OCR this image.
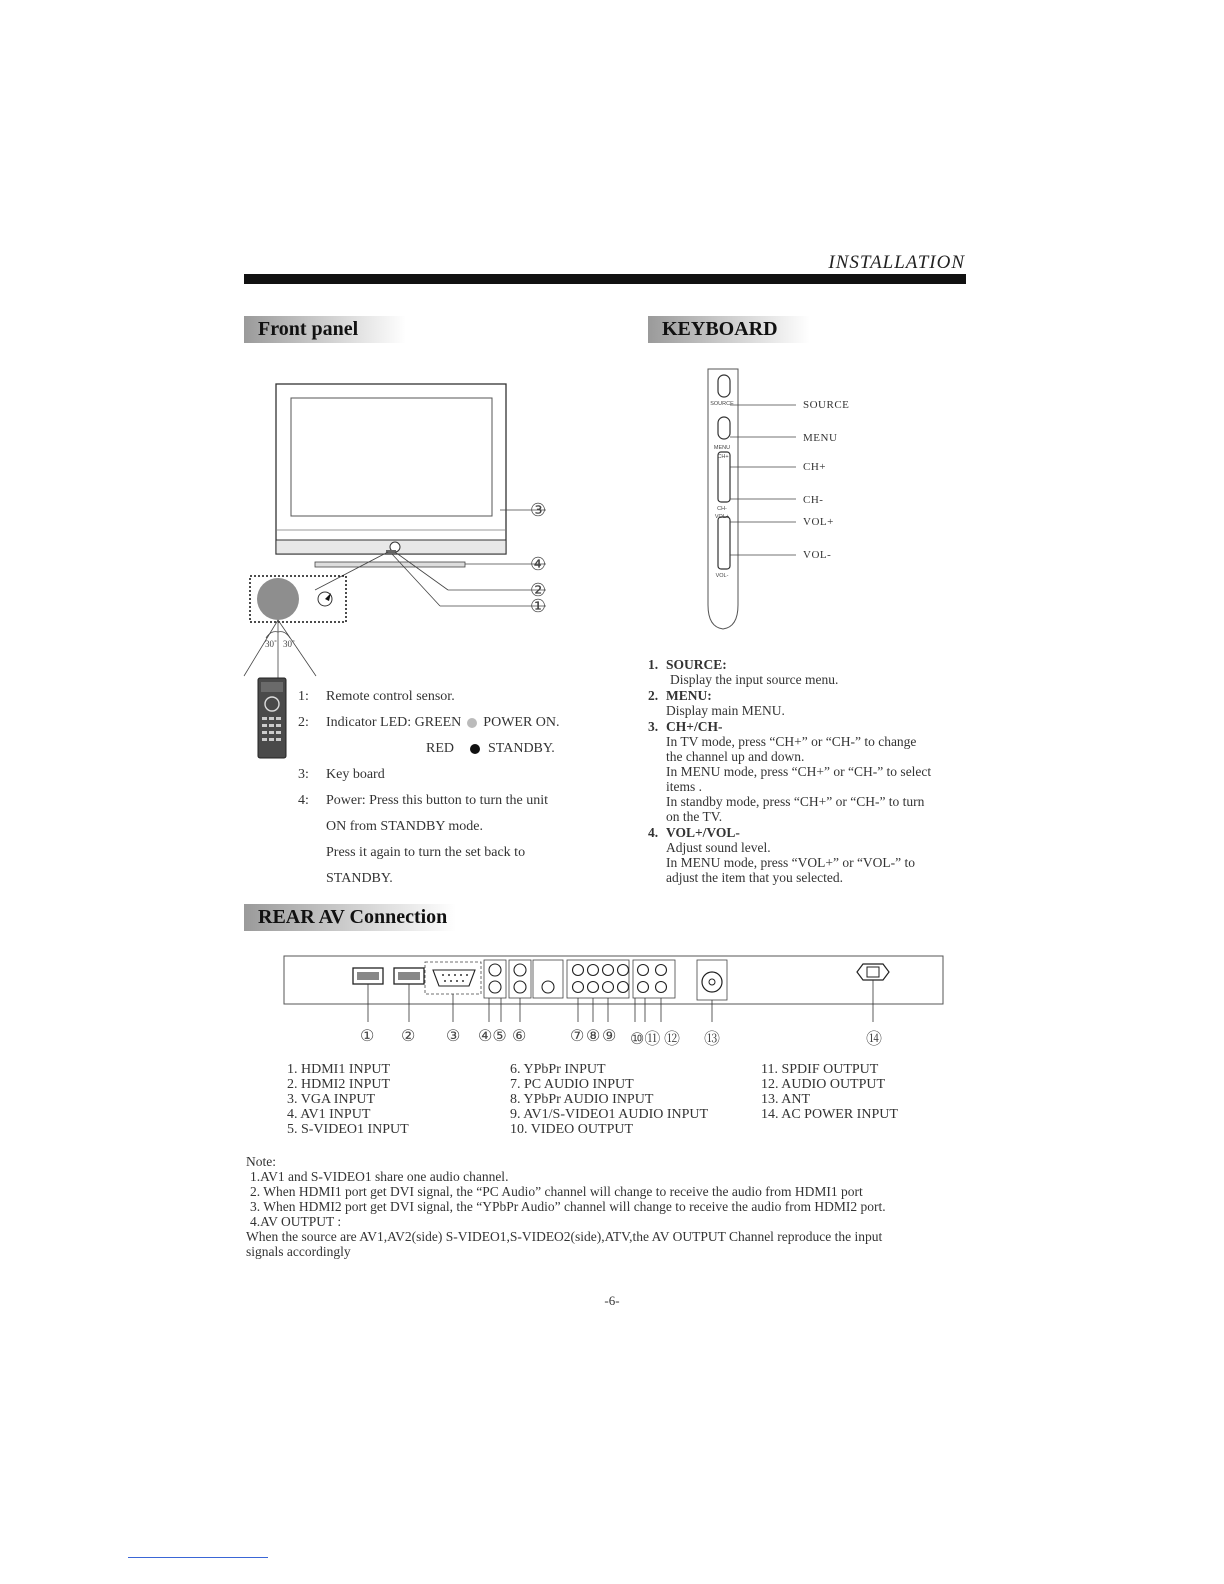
INSTALLATION
Front panel	KEYBOARD
REAR AV Connection
③
④
②
①
30˚ 30˚
1:	Remote control sensor.
2:	Indicator LED: GREEN POWER ON.
RED STANDBY.
3:	Key board
4:	Power: Press this button to turn the unit
ON from STANDBY mode.
Press it again to turn the set back to
STANDBY.
SOURCE
MENU
CH+
CH-
VOL+
VOL-
SOURCE
MENU
CH+
CH-
VOL+
VOL-
1. SOURCE:
Display the input source menu.
2. MENU:
Display main MENU.
3. CH+/CH-
In TV mode, press “CH+” or “CH-” to change
the channel up and down.
In MENU mode, press “CH+” or “CH-” to select
items .
In standby mode, press “CH+” or “CH-” to turn
on the TV.
4. VOL+/VOL-
Adjust sound level.
In MENU mode, press “VOL+” or “VOL-” to
adjust the item that you selected.
① ② ③ ④⑤ ⑥	⑦ ⑧ ⑨ ⑩⑪ ⑫ ⑬	⑭
1. HDMI1 INPUT
2. HDMI2 INPUT
3. VGA INPUT
4. AV1 INPUT
5. S-VIDEO1 INPUT
6. YPbPr INPUT
7. PC AUDIO INPUT
8. YPbPr AUDIO INPUT
9. AV1/S-VIDEO1 AUDIO INPUT
10. VIDEO OUTPUT
11. SPDIF OUTPUT
12. AUDIO OUTPUT
13. ANT
14. AC POWER INPUT
Note:
1.AV1 and S-VIDEO1 share one audio channel.
2. When HDMI1 port get DVI signal, the “PC Audio” channel will change to receive the audio from HDMI1 port
3. When HDMI2 port get DVI signal, the “YPbPr Audio” channel will change to receive the audio from HDMI2 port.
4.AV OUTPUT :
When the source are AV1,AV2(side) S-VIDEO1,S-VIDEO2(side),ATV,the AV OUTPUT Channel reproduce the input
signals accordingly
-6-
